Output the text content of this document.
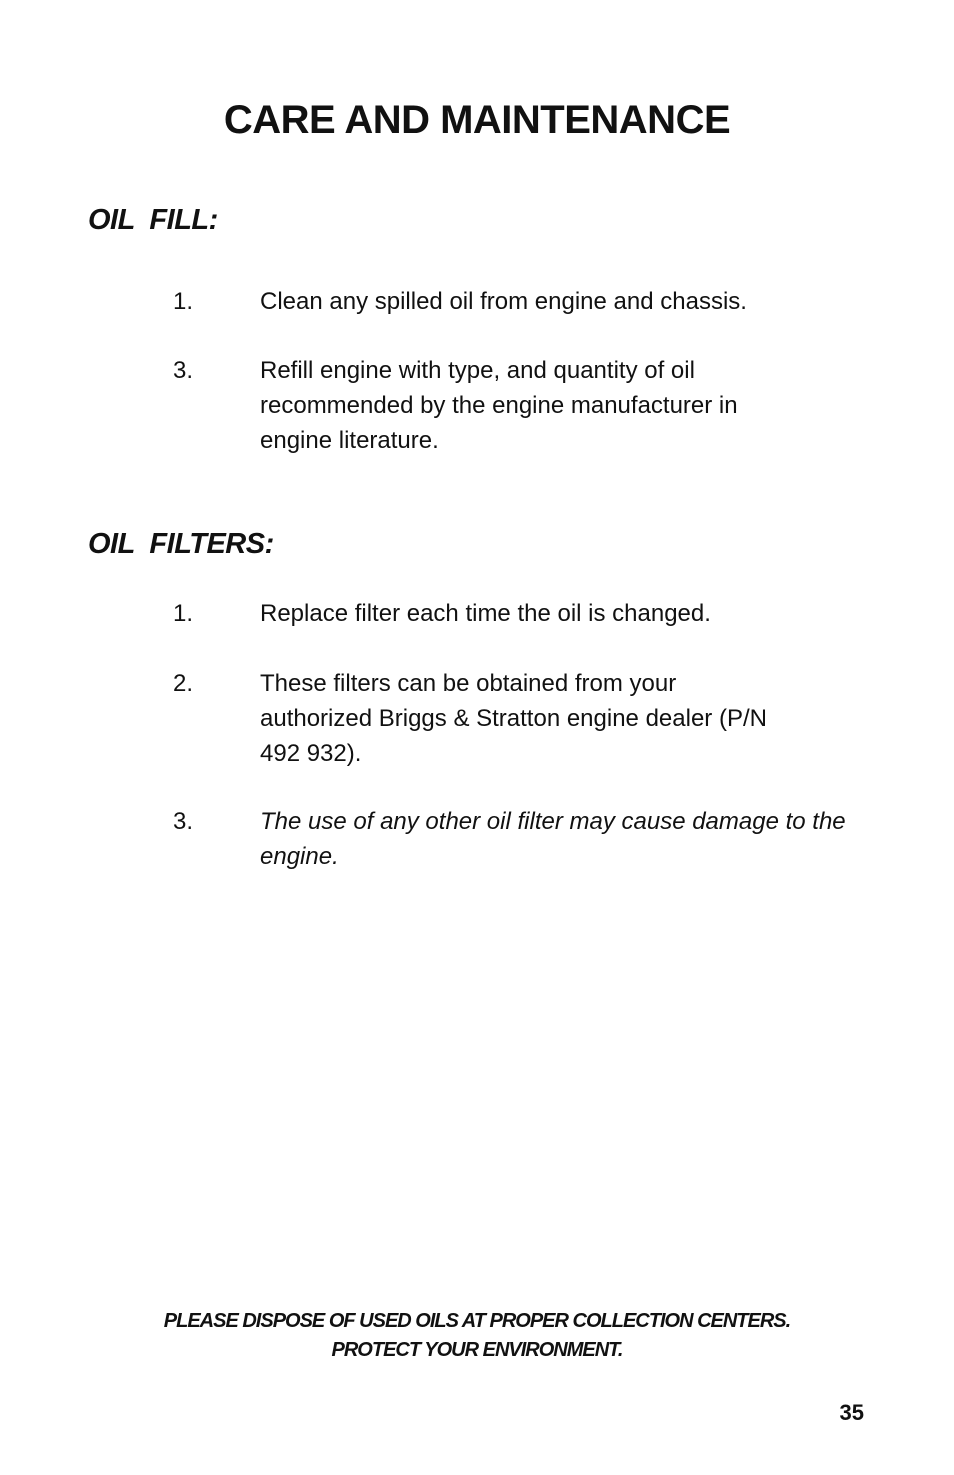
CARE AND MAINTENANCE
OIL  FILL:
1.	Clean any spilled oil from engine and chassis.
3.	Refill engine with type, and quantity of oil recommended by the engine manufacturer in engine literature.
OIL  FILTERS:
1.	Replace filter each time the oil is changed.
2.	These filters can be obtained from your authorized Briggs & Stratton engine dealer (P/N 492 932).
3.	The use of any other oil filter may cause damage to the engine.
PLEASE DISPOSE OF USED OILS AT PROPER COLLECTION CENTERS.
PROTECT YOUR ENVIRONMENT.
35
